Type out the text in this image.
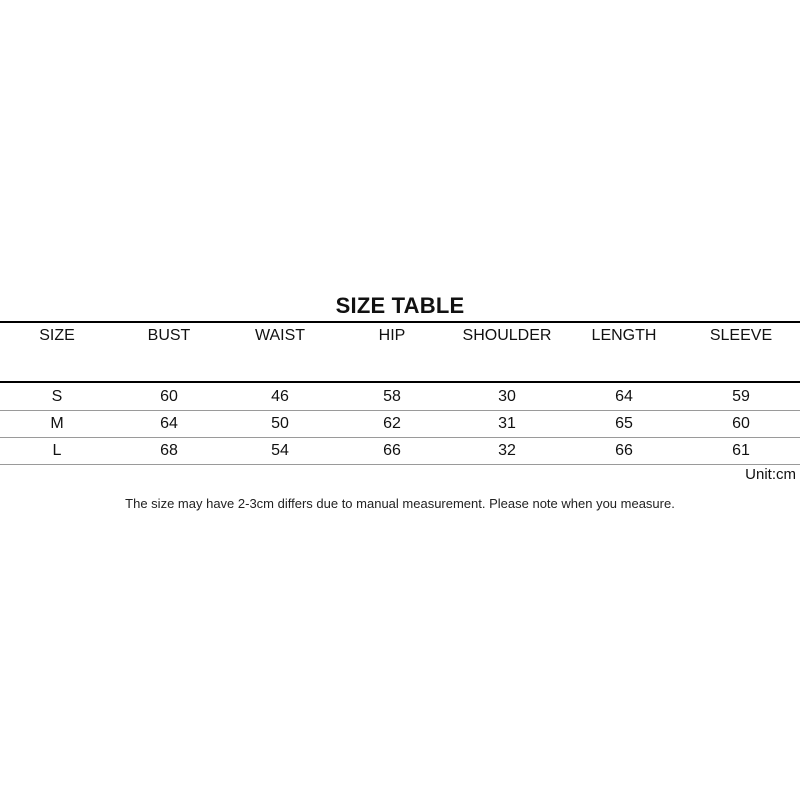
SIZE TABLE
SIZE	BUST	WAIST	HIP	SHOULDER	LENGTH	SLEEVE

S	60	46	58	30	64	59
M	64	50	62	31	65	60
L	68	54	66	32	66	61
Unit:cm
The size may have 2-3cm differs due to manual measurement. Please note when you measure.
